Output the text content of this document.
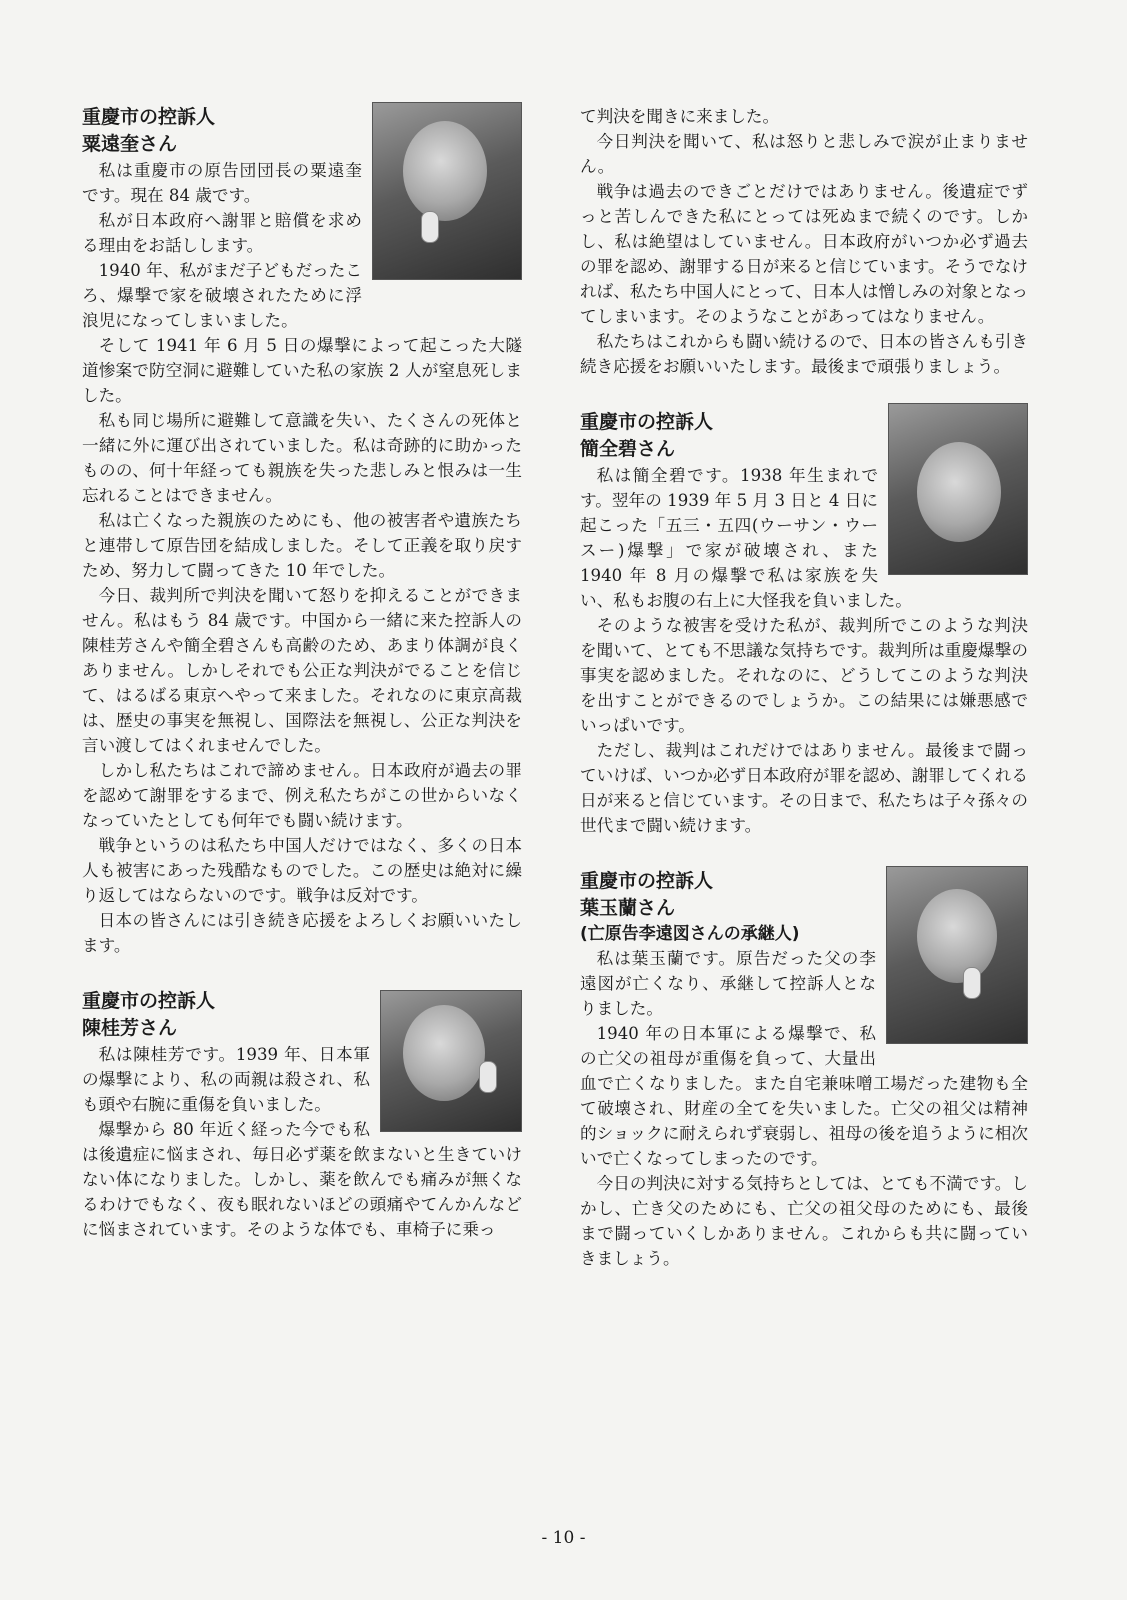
重慶市の控訴人
粟遠奎さん

私は重慶市の原告団団長の粟遠奎です。現在 84 歳です。

私が日本政府へ謝罪と賠償を求める理由をお話しします。

1940 年、私がまだ子どもだったころ、爆撃で家を破壊されたために浮浪児になってしまいました。

そして 1941 年 6 月 5 日の爆撃によって起こった大隧道惨案で防空洞に避難していた私の家族 2 人が窒息死しました。

私も同じ場所に避難して意識を失い、たくさんの死体と一緒に外に運び出されていました。私は奇跡的に助かったものの、何十年経っても親族を失った悲しみと恨みは一生忘れることはできません。

私は亡くなった親族のためにも、他の被害者や遺族たちと連帯して原告団を結成しました。そして正義を取り戻すため、努力して闘ってきた 10 年でした。

今日、裁判所で判決を聞いて怒りを抑えることができません。私はもう 84 歳です。中国から一緒に来た控訴人の陳桂芳さんや簡全碧さんも高齢のため、あまり体調が良くありません。しかしそれでも公正な判決がでることを信じて、はるばる東京へやって来ました。それなのに東京高裁は、歴史の事実を無視し、国際法を無視し、公正な判決を言い渡してはくれませんでした。

しかし私たちはこれで諦めません。日本政府が過去の罪を認めて謝罪をするまで、例え私たちがこの世からいなくなっていたとしても何年でも闘い続けます。

戦争というのは私たち中国人だけではなく、多くの日本人も被害にあった残酷なものでした。この歴史は絶対に繰り返してはならないのです。戦争は反対です。

日本の皆さんには引き続き応援をよろしくお願いいたします。

重慶市の控訴人
陳桂芳さん

私は陳桂芳です。1939 年、日本軍の爆撃により、私の両親は殺され、私も頭や右腕に重傷を負いました。

爆撃から 80 年近く経った今でも私は後遺症に悩まされ、毎日必ず薬を飲まないと生きていけない体になりました。しかし、薬を飲んでも痛みが無くなるわけでもなく、夜も眠れないほどの頭痛やてんかんなどに悩まされています。そのような体でも、車椅子に乗っ

て判決を聞きに来ました。

今日判決を聞いて、私は怒りと悲しみで涙が止まりません。

戦争は過去のできごとだけではありません。後遺症でずっと苦しんできた私にとっては死ぬまで続くのです。しかし、私は絶望はしていません。日本政府がいつか必ず過去の罪を認め、謝罪する日が来ると信じています。そうでなければ、私たち中国人にとって、日本人は憎しみの対象となってしまいます。そのようなことがあってはなりません。

私たちはこれからも闘い続けるので、日本の皆さんも引き続き応援をお願いいたします。最後まで頑張りましょう。

重慶市の控訴人
簡全碧さん

私は簡全碧です。1938 年生まれです。翌年の 1939 年 5 月 3 日と 4 日に起こった「五三・五四(ウーサン・ウースー)爆撃」で家が破壊され、また 1940 年 8 月の爆撃で私は家族を失い、私もお腹の右上に大怪我を負いました。

そのような被害を受けた私が、裁判所でこのような判決を聞いて、とても不思議な気持ちです。裁判所は重慶爆撃の事実を認めました。それなのに、どうしてこのような判決を出すことができるのでしょうか。この結果には嫌悪感でいっぱいです。

ただし、裁判はこれだけではありません。最後まで闘っていけば、いつか必ず日本政府が罪を認め、謝罪してくれる日が来ると信じています。その日まで、私たちは子々孫々の世代まで闘い続けます。

重慶市の控訴人
葉玉蘭さん

(亡原告李遠図さんの承継人)

私は葉玉蘭です。原告だった父の李遠図が亡くなり、承継して控訴人となりました。

1940 年の日本軍による爆撃で、私の亡父の祖母が重傷を負って、大量出血で亡くなりました。また自宅兼味噌工場だった建物も全て破壊され、財産の全てを失いました。亡父の祖父は精神的ショックに耐えられず衰弱し、祖母の後を追うように相次いで亡くなってしまったのです。

今日の判決に対する気持ちとしては、とても不満です。しかし、亡き父のためにも、亡父の祖父母のためにも、最後まで闘っていくしかありません。これからも共に闘っていきましょう。

- 10 -
